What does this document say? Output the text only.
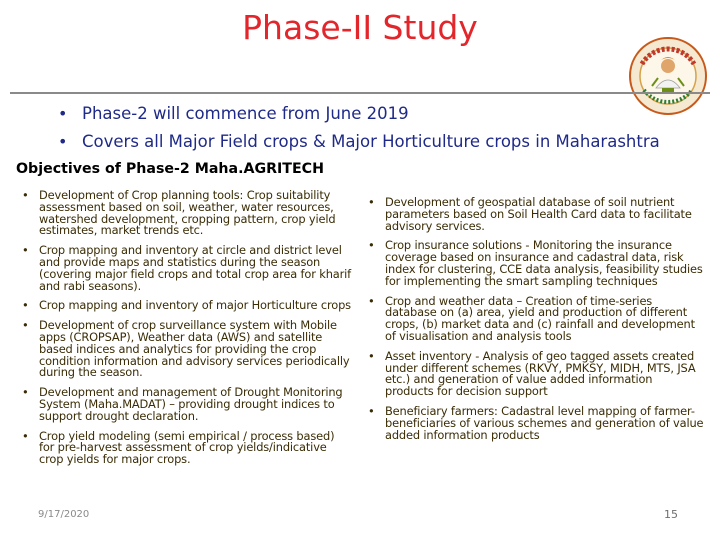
Phase-II Study
• Phase-2 will commence from June 2019
• Covers all Major Field crops & Major Horticulture crops in Maharashtra
Objectives of Phase-2 Maha.AGRITECH
• Development of Crop planning tools: Crop suitability assessment based on soil, weather, water resources, watershed development, cropping pattern, crop yield estimates, market trends etc.
• Crop mapping and inventory at circle and district level and provide maps and statistics during the season (covering major field crops and total crop area for kharif and rabi seasons).
• Crop mapping and inventory of major Horticulture crops
• Development of crop surveillance system with Mobile apps (CROPSAP), Weather data (AWS) and satellite based indices and analytics for providing the crop condition information and advisory services periodically during the season.
• Development and management of Drought Monitoring System (Maha.MADAT) – providing drought indices to support drought declaration.
• Crop yield modeling (semi empirical / process based) for pre-harvest assessment of crop yields/indicative crop yields for major crops.
• Development of geospatial database of soil nutrient parameters based on Soil Health Card data to facilitate advisory services.
• Crop insurance solutions - Monitoring the insurance coverage based on insurance and cadastral data, risk index for clustering, CCE data analysis, feasibility studies for implementing the smart sampling techniques
• Crop and weather data – Creation of time-series database on (a) area, yield and production of different crops, (b) market data and (c) rainfall and development of visualisation and analysis tools
• Asset inventory - Analysis of geo tagged assets created under different schemes (RKVY, PMKSY, MIDH, MTS, JSA etc.) and generation of value added information products for decision support
• Beneficiary farmers: Cadastral level mapping of farmer-beneficiaries of various schemes and generation of value added information products
9/17/2020	15
